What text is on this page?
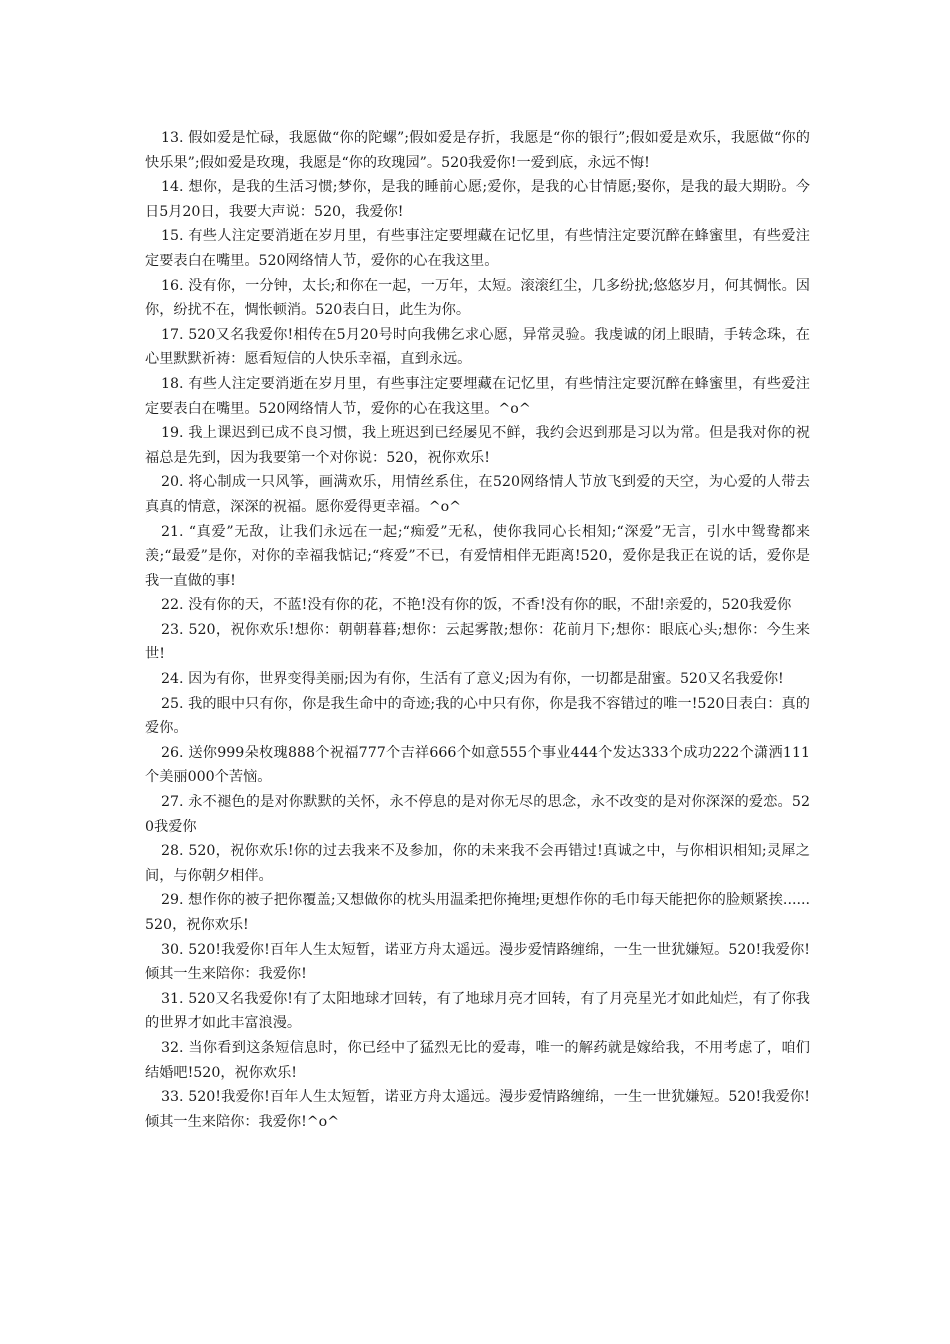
13. 假如爱是忙碌，我愿做“你的陀螺”;假如爱是存折，我愿是“你的银行”;假如爱是欢乐，我愿做“你的快乐果”;假如爱是玫瑰，我愿是“你的玫瑰园”。520我爱你!一爱到底，永远不悔!

14. 想你，是我的生活习惯;梦你，是我的睡前心愿;爱你，是我的心甘情愿;娶你，是我的最大期盼。今日5月20日，我要大声说：520，我爱你!

15. 有些人注定要消逝在岁月里，有些事注定要埋藏在记忆里，有些情注定要沉醉在蜂蜜里，有些爱注定要表白在嘴里。520网络情人节，爱你的心在我这里。

16. 没有你，一分钟，太长;和你在一起，一万年，太短。滚滚红尘，几多纷扰;悠悠岁月，何其惆怅。因你，纷扰不在，惆怅顿消。520表白日，此生为你。

17. 520又名我爱你!相传在5月20号时向我佛乞求心愿，异常灵验。我虔诚的闭上眼睛，手转念珠，在心里默默祈祷：愿看短信的人快乐幸福，直到永远。

18. 有些人注定要消逝在岁月里，有些事注定要埋藏在记忆里，有些情注定要沉醉在蜂蜜里，有些爱注定要表白在嘴里。520网络情人节，爱你的心在我这里。^o^

19. 我上课迟到已成不良习惯，我上班迟到已经屡见不鲜，我约会迟到那是习以为常。但是我对你的祝福总是先到，因为我要第一个对你说：520，祝你欢乐!

20. 将心制成一只风筝，画满欢乐，用情丝系住，在520网络情人节放飞到爱的天空，为心爱的人带去真真的情意，深深的祝福。愿你爱得更幸福。^o^

21. “真爱”无敌，让我们永远在一起;“痴爱”无私，使你我同心长相知;“深爱”无言，引水中鸳鸯都来羡;“最爱”是你，对你的幸福我惦记;“疼爱”不已，有爱情相伴无距离!520，爱你是我正在说的话，爱你是我一直做的事!

22. 没有你的天，不蓝!没有你的花，不艳!没有你的饭，不香!没有你的眠，不甜!亲爱的，520我爱你

23. 520，祝你欢乐!想你：朝朝暮暮;想你：云起雾散;想你：花前月下;想你：眼底心头;想你：今生来世!

24. 因为有你，世界变得美丽;因为有你，生活有了意义;因为有你，一切都是甜蜜。520又名我爱你!

25. 我的眼中只有你，你是我生命中的奇迹;我的心中只有你，你是我不容错过的唯一!520日表白：真的爱你。

26. 送你999朵枚瑰888个祝福777个吉祥666个如意555个事业444个发达333个成功222个潇洒111个美丽000个苦恼。

27. 永不褪色的是对你默默的关怀，永不停息的是对你无尽的思念，永不改变的是对你深深的爱恋。520我爱你

28. 520，祝你欢乐!你的过去我来不及参加，你的未来我不会再错过!真诚之中，与你相识相知;灵犀之间，与你朝夕相伴。

29. 想作你的被子把你覆盖;又想做你的枕头用温柔把你掩埋;更想作你的毛巾每天能把你的脸颊紧挨......520，祝你欢乐!

30. 520!我爱你!百年人生太短暂，诺亚方舟太遥远。漫步爱情路缠绵，一生一世犹嫌短。520!我爱你!倾其一生来陪你：我爱你!

31. 520又名我爱你!有了太阳地球才回转，有了地球月亮才回转，有了月亮星光才如此灿烂，有了你我的世界才如此丰富浪漫。

32. 当你看到这条短信息时，你已经中了猛烈无比的爱毒，唯一的解药就是嫁给我，不用考虑了，咱们结婚吧!520，祝你欢乐!

33. 520!我爱你!百年人生太短暂，诺亚方舟太遥远。漫步爱情路缠绵，一生一世犹嫌短。520!我爱你!倾其一生来陪你：我爱你!^o^
